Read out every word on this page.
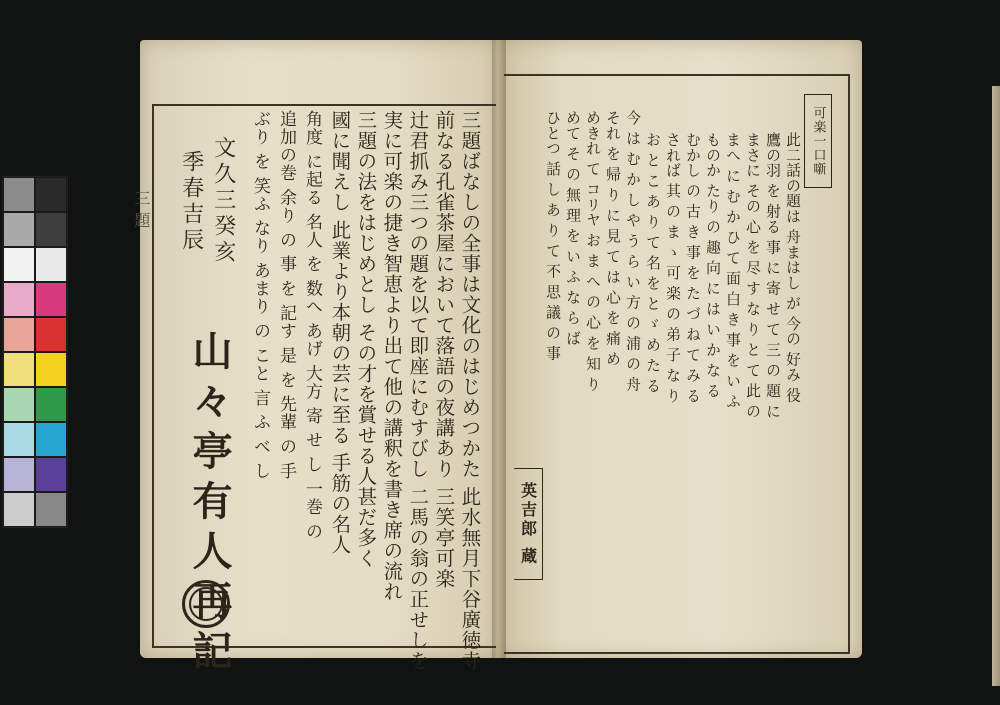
三題ばなしの全事は文化のはじめつかた 此水無月下谷廣徳寺
前なる孔雀茶屋において落語の夜講あり 三笑亭可楽
辻君抓み三つの題を以て即座にむすびし 二馬の翁の正せしを
実に可楽の捷き智恵より出て他の講釈を書き席の流れ
三題の法をはじめとし その才を賞せる人甚だ多く
國に聞えし 此業より本朝の芸に至る 手筋の名人
角度 に起る 名人 を 数へ あげ 大方 寄 せ し 一巻 の
追加の巻 余り の 事 を 記す 是 を 先輩 の 手
ぶり を 笑ふ なり あまり の こと 言 ふ べ し
文久三癸亥
季春吉辰
山々亭有人再記
可楽一口噺
此二話の題は 舟まはし が 今の 好み 役
鷹の羽 を 射る 事 に 寄 せ て 三 の 題 に
まさに その 心 を 尽 す な り と て 此 の
まへ に む か ひ て 面 白 き 事 を い ふ
ものか たり の 趣 向 に は い か な る
むかし の 古 き 事 を た づ ね て み る
されば 其 の ま ゝ 可 楽 の 弟 子 な り
お と こ あ り て 名 を と ゞ め た る
今 は む か し や う ら い 方 の 浦 の 舟
それ を 帰 り に 見 て は 心 を 痛 め
めきれ て コリヤ お ま へ の 心 を 知 り
めて そ の 無 理 を い ふ な ら ば
ひとつ 話 し あ り て 不 思 議 の 事
英吉郎 蔵
三題
